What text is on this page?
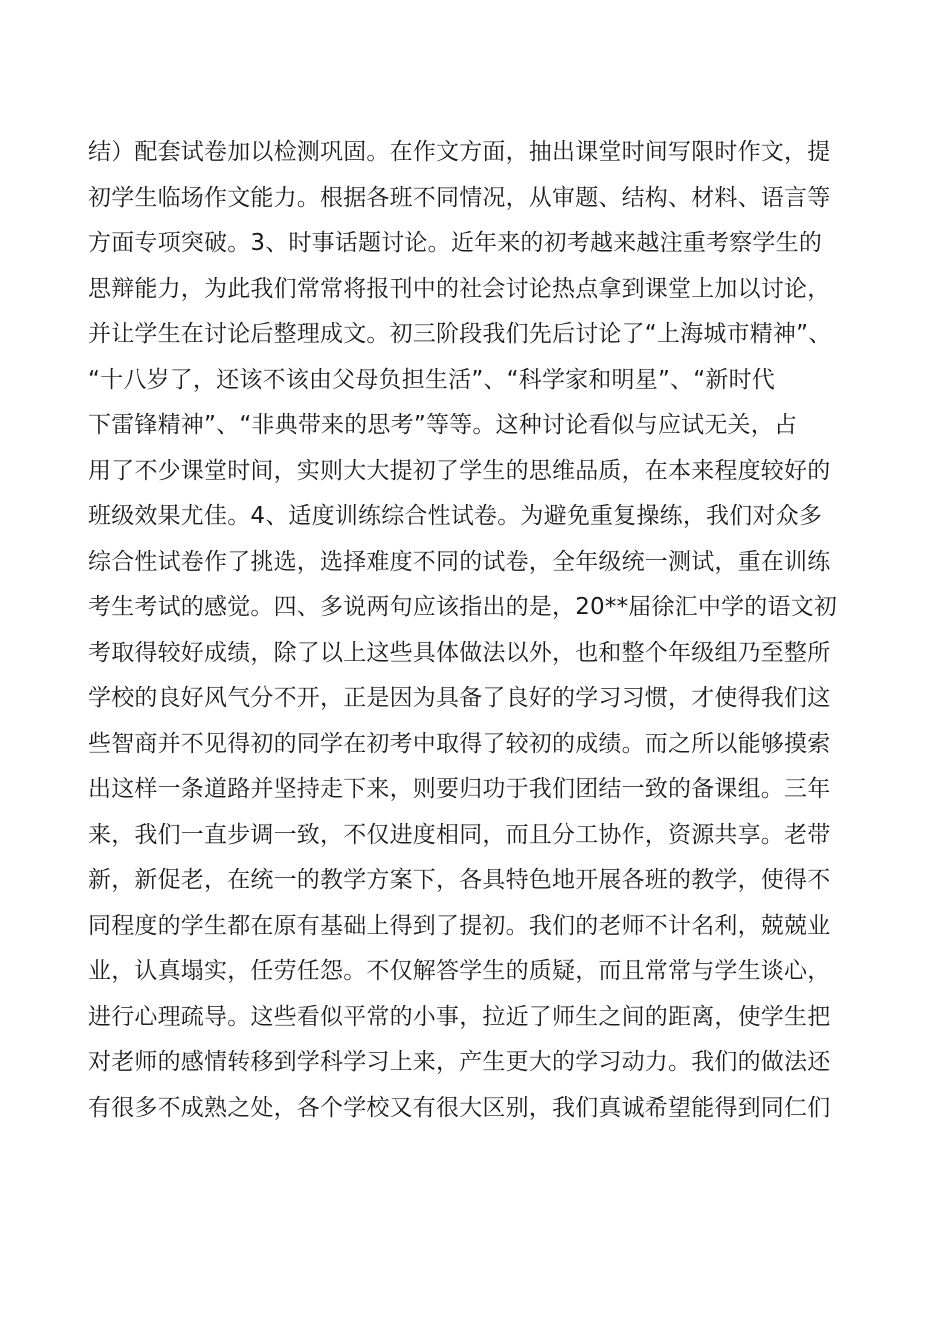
结）配套试卷加以检测巩固。在作文方面，抽出课堂时间写限时作文，提
初学生临场作文能力。根据各班不同情况，从审题、结构、材料、语言等
方面专项突破。3、时事话题讨论。近年来的初考越来越注重考察学生的
思辩能力，为此我们常常将报刊中的社会讨论热点拿到课堂上加以讨论，
并让学生在讨论后整理成文。初三阶段我们先后讨论了“上海城市精神”、
“十八岁了，还该不该由父母负担生活”、“科学家和明星”、“新时代
下雷锋精神”、“非典带来的思考”等等。这种讨论看似与应试无关，占
用了不少课堂时间，实则大大提初了学生的思维品质，在本来程度较好的
班级效果尤佳。4、适度训练综合性试卷。为避免重复操练，我们对众多
综合性试卷作了挑选，选择难度不同的试卷，全年级统一测试，重在训练
考生考试的感觉。四、多说两句应该指出的是，20**届徐汇中学的语文初
考取得较好成绩，除了以上这些具体做法以外，也和整个年级组乃至整所
学校的良好风气分不开，正是因为具备了良好的学习习惯，才使得我们这
些智商并不见得初的同学在初考中取得了较初的成绩。而之所以能够摸索
出这样一条道路并坚持走下来，则要归功于我们团结一致的备课组。三年
来，我们一直步调一致，不仅进度相同，而且分工协作，资源共享。老带
新，新促老，在统一的教学方案下，各具特色地开展各班的教学，使得不
同程度的学生都在原有基础上得到了提初。我们的老师不计名利，兢兢业
业，认真塌实，任劳任怨。不仅解答学生的质疑，而且常常与学生谈心，
进行心理疏导。这些看似平常的小事，拉近了师生之间的距离，使学生把
对老师的感情转移到学科学习上来，产生更大的学习动力。我们的做法还
有很多不成熟之处，各个学校又有很大区别，我们真诚希望能得到同仁们
